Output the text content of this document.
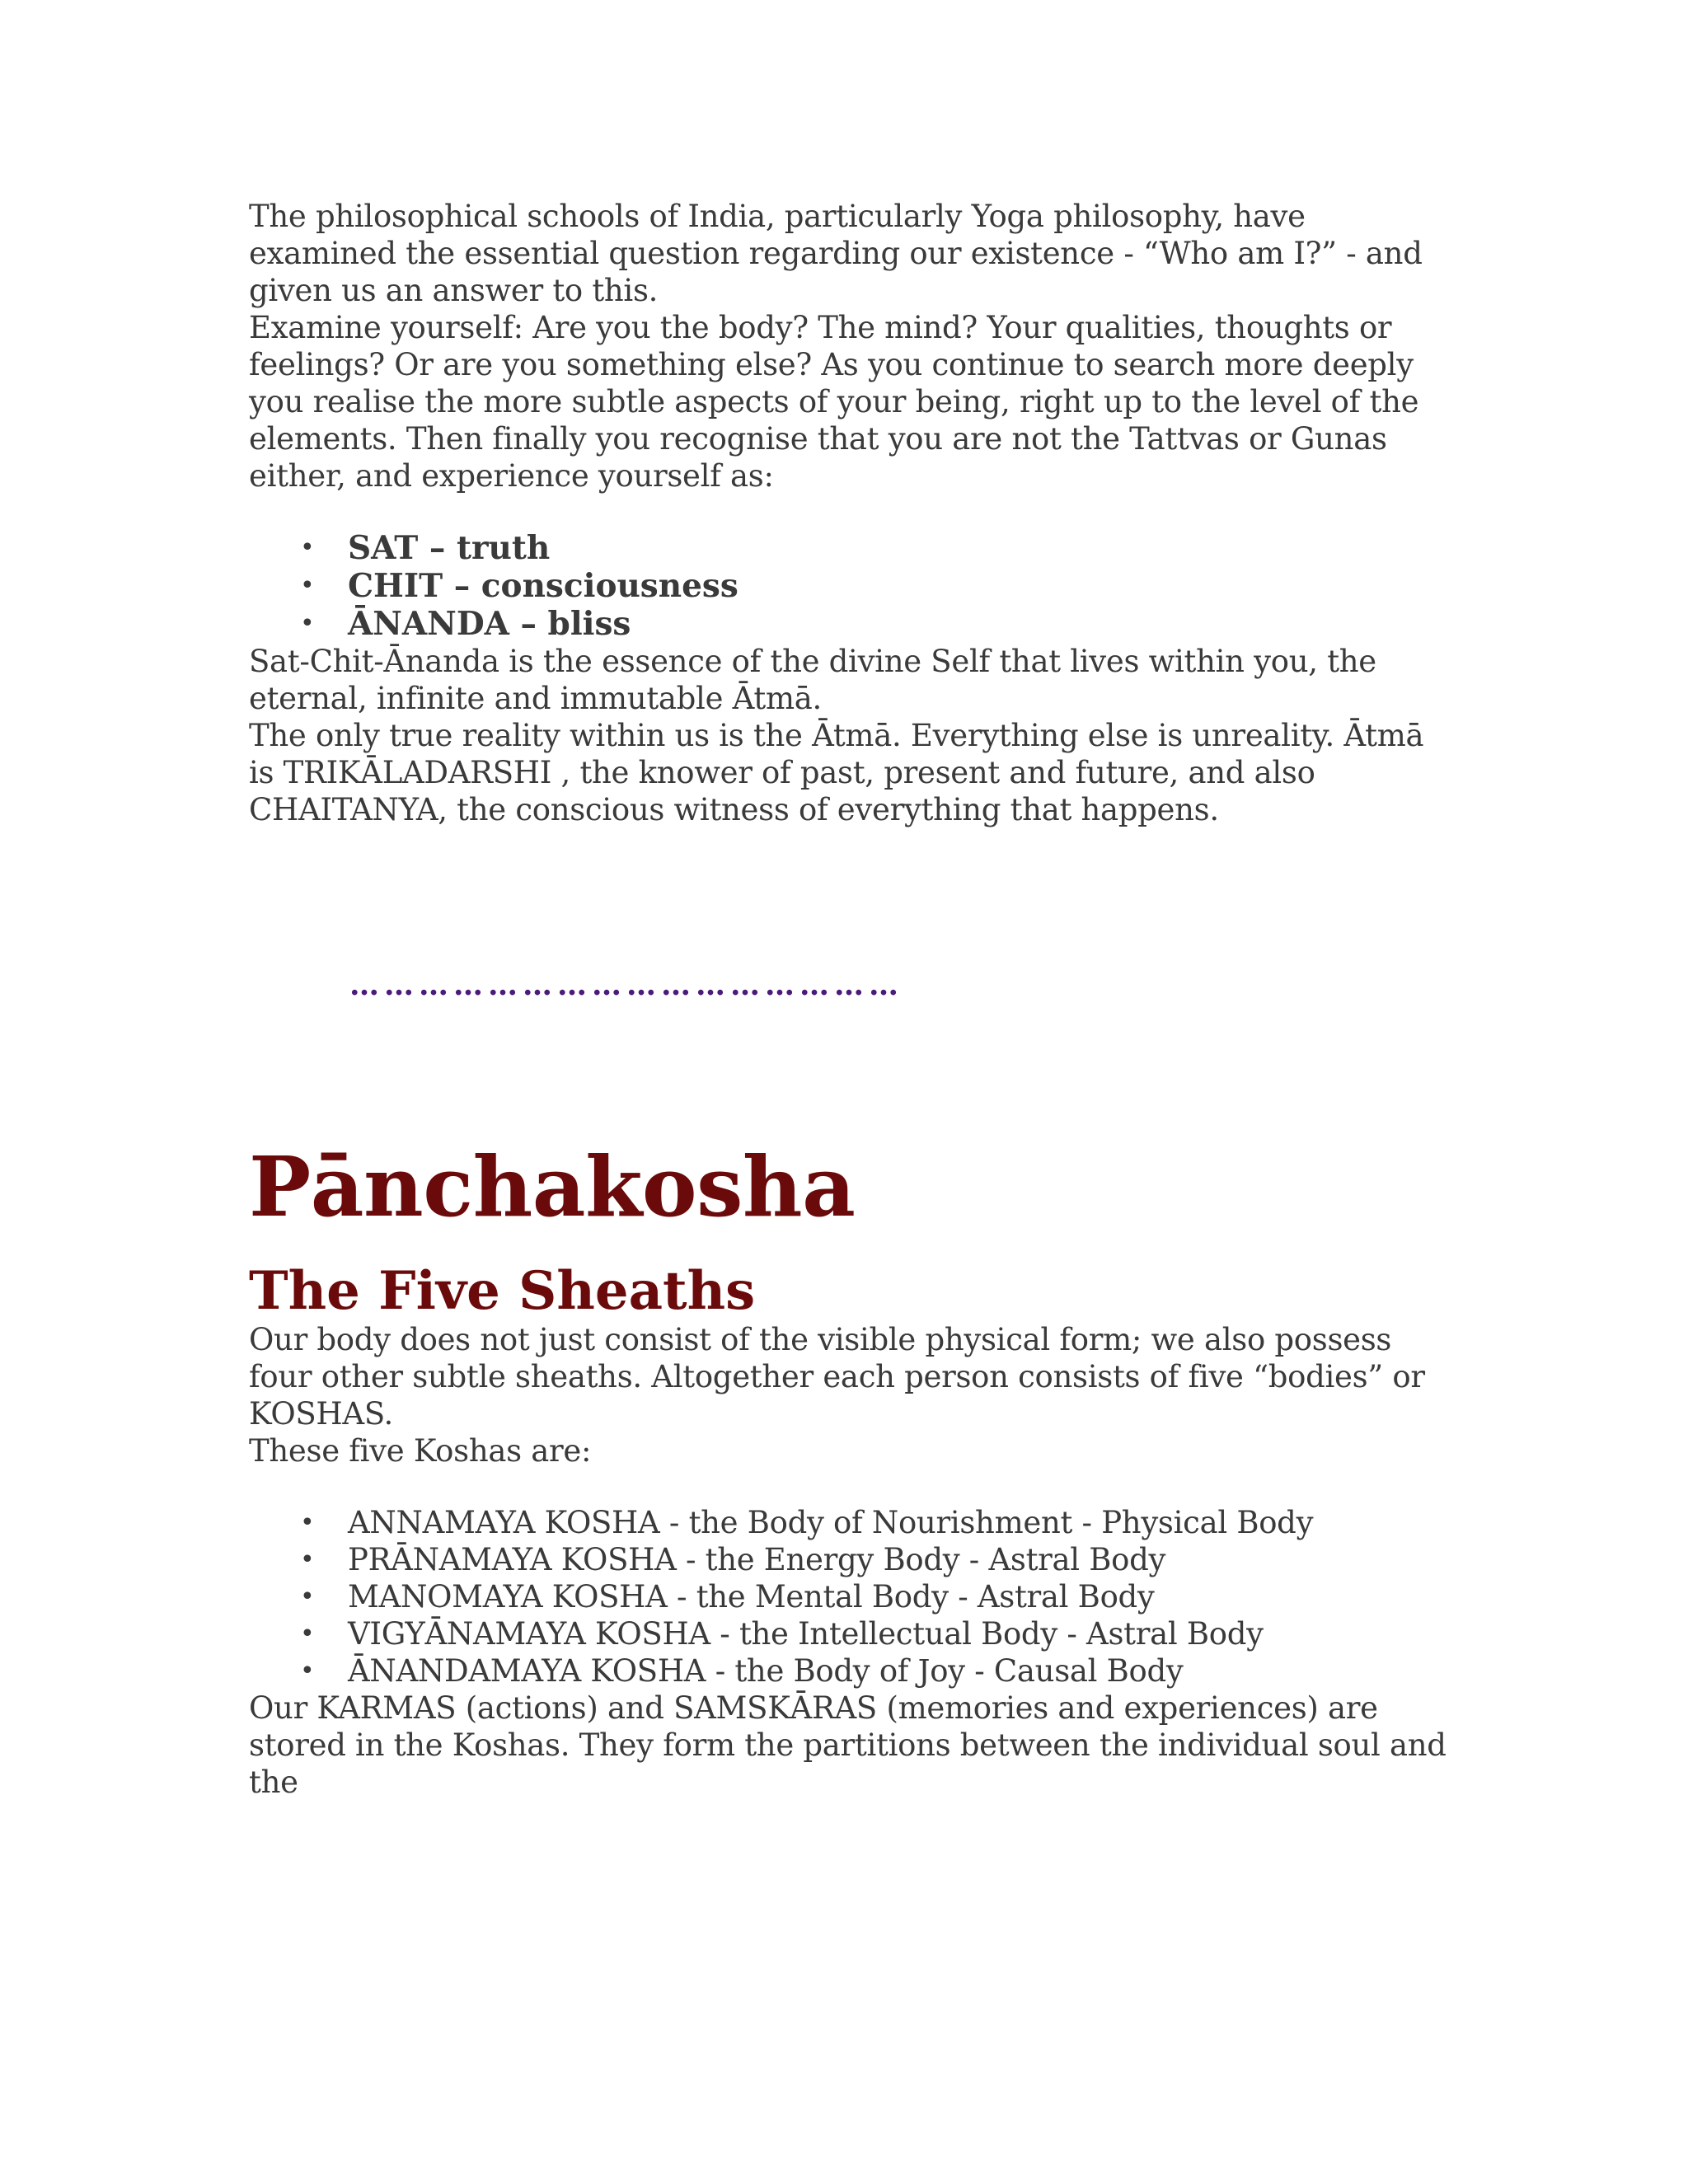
The philosophical schools of India, particularly Yoga philosophy, have examined the essential question regarding our existence - “Who am I?” - and given us an answer to this.

Examine yourself: Are you the body? The mind? Your qualities, thoughts or feelings? Or are you something else? As you continue to search more deeply you realise the more subtle aspects of your being, right up to the level of the elements. Then finally you recognise that you are not the Tattvas or Gunas either, and experience yourself as:

• SAT – truth
• CHIT – consciousness
• ĀNANDA – bliss

Sat-Chit-Ānanda is the essence of the divine Self that lives within you, the eternal, infinite and immutable Ātmā.

The only true reality within us is the Ātmā. Everything else is unreality. Ātmā is TRIKĀLADARSHI , the knower of past, present and future, and also CHAITANYA, the conscious witness of everything that happens.

…………………………………………
Pānchakosha
The Five Sheaths

Our body does not just consist of the visible physical form; we also possess four other subtle sheaths. Altogether each person consists of five “bodies” or KOSHAS.

These five Koshas are:

• ANNAMAYA KOSHA - the Body of Nourishment - Physical Body
• PRĀNAMAYA KOSHA - the Energy Body - Astral Body
• MANOMAYA KOSHA - the Mental Body - Astral Body
• VIGYĀNAMAYA KOSHA - the Intellectual Body - Astral Body
• ĀNANDAMAYA KOSHA - the Body of Joy - Causal Body

Our KARMAS (actions) and SAMSKĀRAS (memories and experiences) are stored in the Koshas. They form the partitions between the individual soul and the
